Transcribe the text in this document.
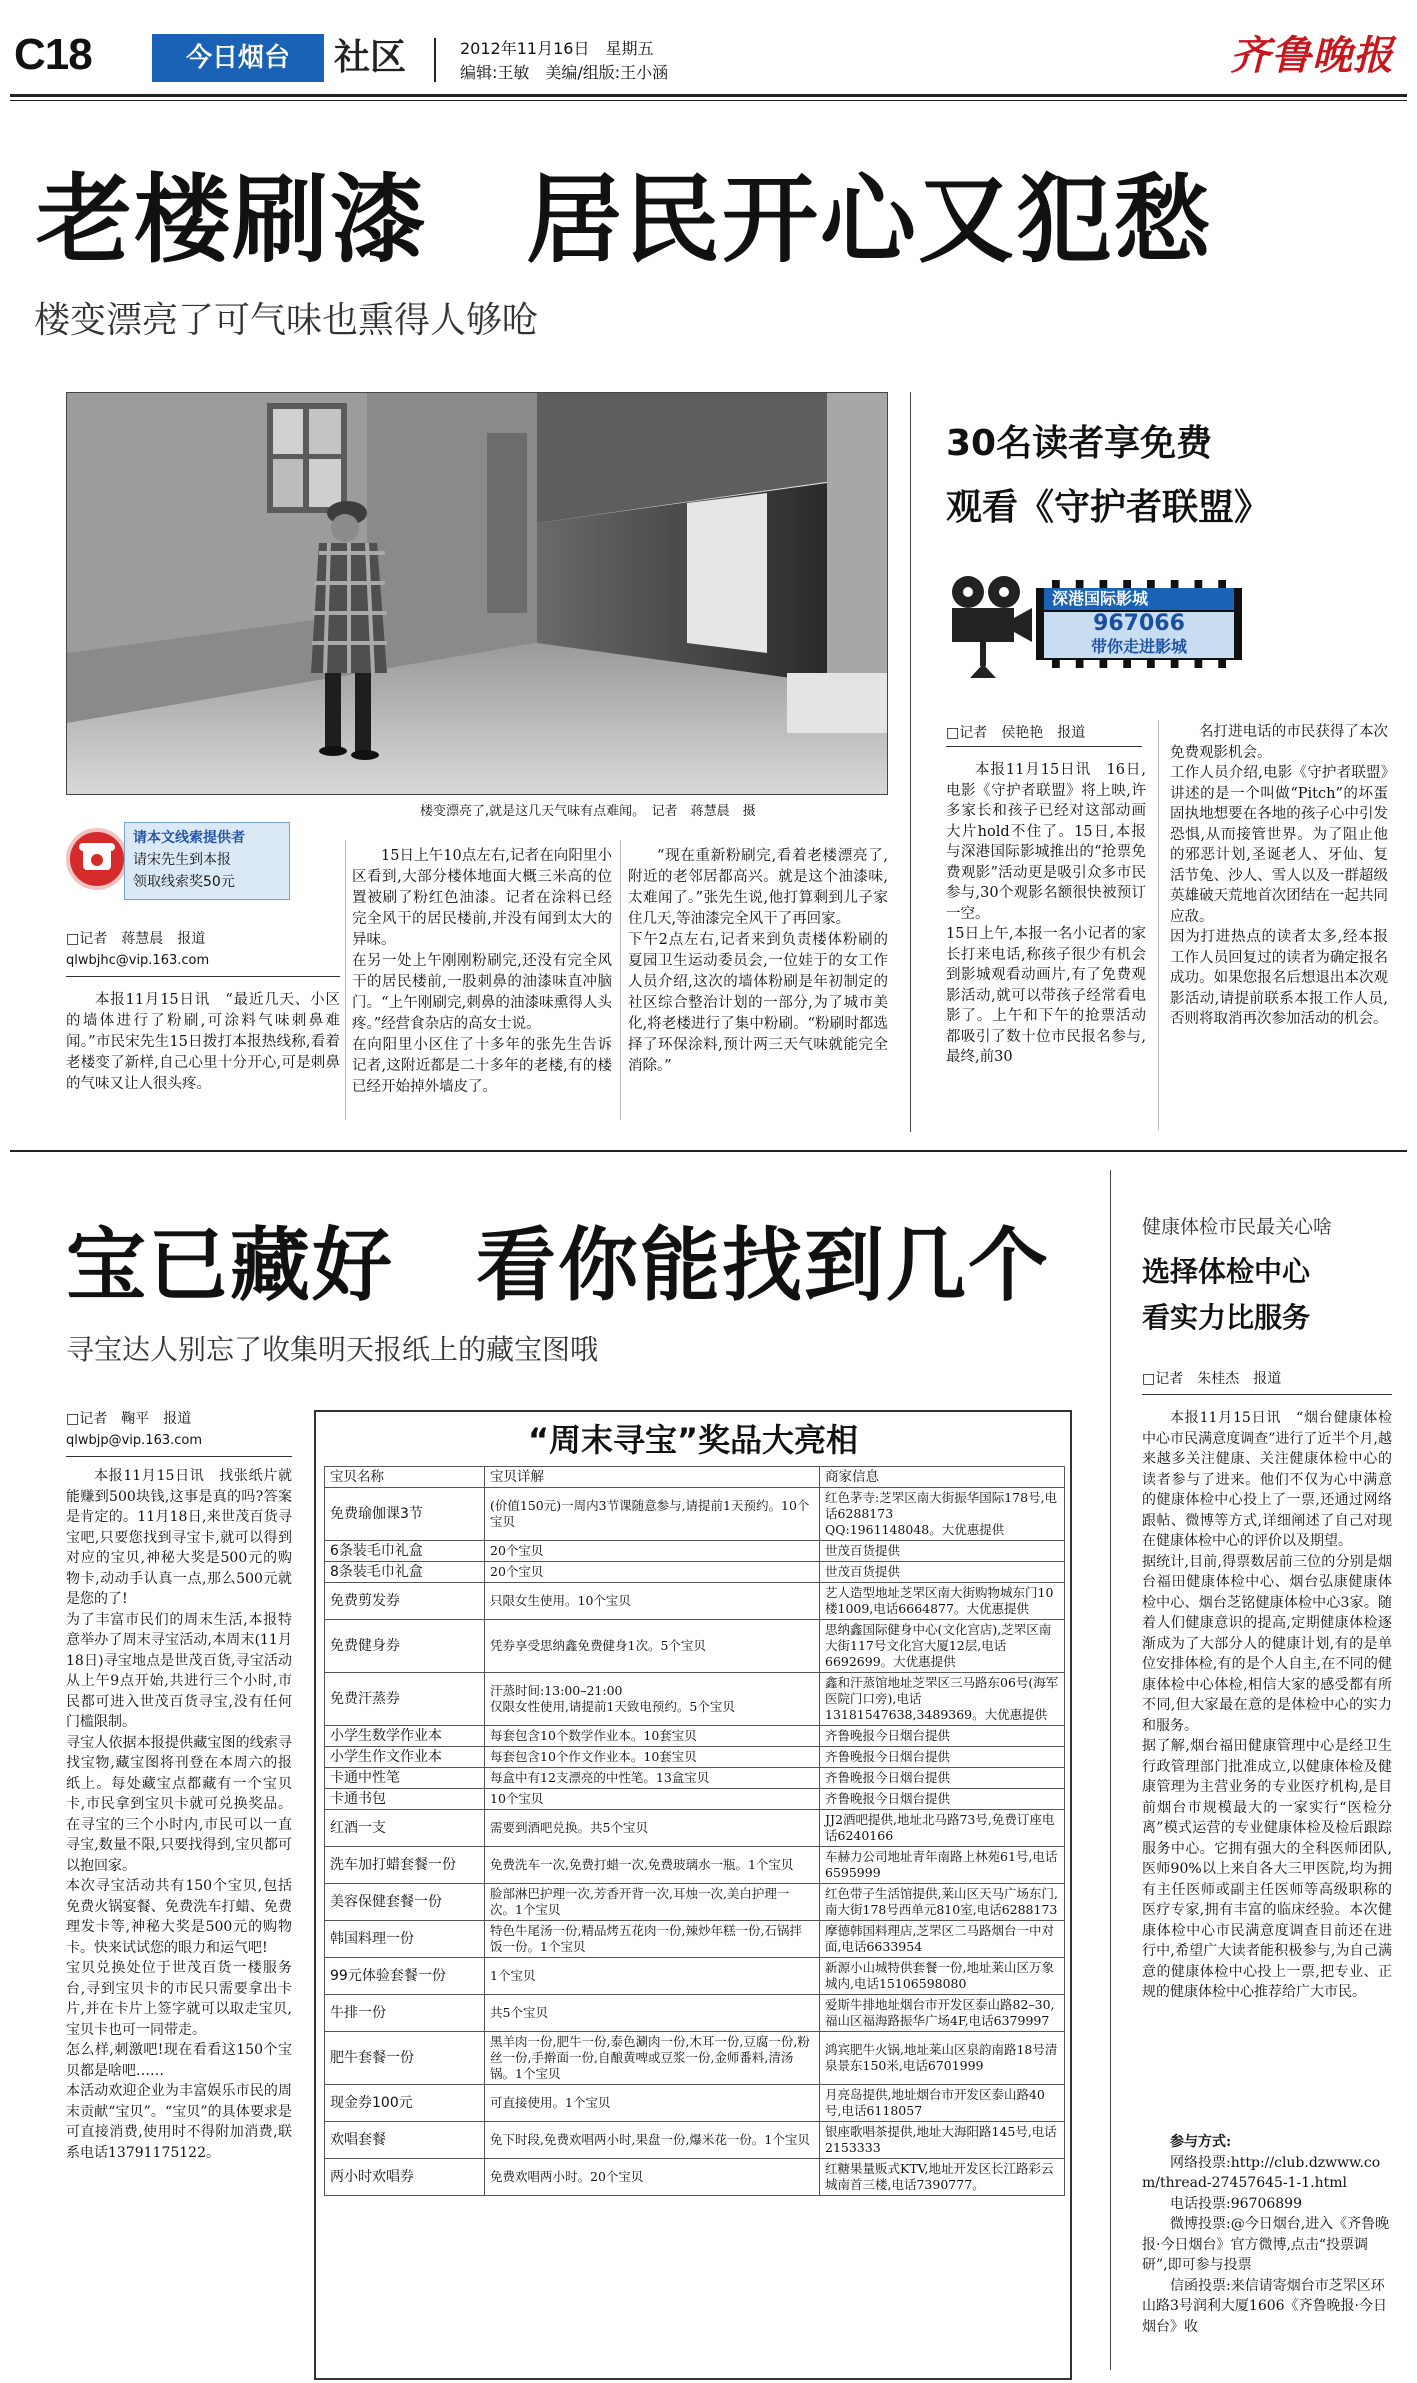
C18	今日烟台	社区	2012年11月16日　星期五
编辑:王敏　美编/组版:王小涵	齐鲁晚报
老楼刷漆　居民开心又犯愁
楼变漂亮了可气味也熏得人够呛
楼变漂亮了,就是这几天气味有点难闻。　记者　蒋慧晨　摄
请本文线索提供者
请宋先生到本报
领取线索奖50元
□记者　蒋慧晨　报道
qlwbjhc@vip.163.com
本报11月15日讯　“最近几天、小区的墙体进行了粉刷,可涂料气味刺鼻难闻。”市民宋先生15日拨打本报热线称,看着老楼变了新样,自己心里十分开心,可是刺鼻的气味又让人很头疼。
15日上午10点左右,记者在向阳里小区看到,大部分楼体地面大概三米高的位置被刷了粉红色油漆。记者在涂料已经完全风干的居民楼前,并没有闻到太大的异味。
在另一处上午刚刚粉刷完,还没有完全风干的居民楼前,一股刺鼻的油漆味直冲脑门。“上午刚刷完,刺鼻的油漆味熏得人头疼。”经营食杂店的高女士说。
在向阳里小区住了十多年的张先生告诉记者,这附近都是二十多年的老楼,有的楼已经开始掉外墙皮了。
“现在重新粉刷完,看着老楼漂亮了,附近的老邻居都高兴。就是这个油漆味,太难闻了。”张先生说,他打算剩到儿子家住几天,等油漆完全风干了再回家。
下午2点左右,记者来到负责楼体粉刷的夏园卫生运动委员会,一位娃于的女工作人员介绍,这次的墙体粉刷是年初制定的社区综合整治计划的一部分,为了城市美化,将老楼进行了集中粉刷。“粉刷时都选择了环保涂料,预计两三天气味就能完全消除。”
30名读者享免费
观看《守护者联盟》
深港国际影城
967066
带你走进影城
□记者　侯艳艳　报道
本报11月15日讯　16日,电影《守护者联盟》将上映,许多家长和孩子已经对这部动画大片hold不住了。15日,本报与深港国际影城推出的“抢票免费观影”活动更是吸引众多市民参与,30个观影名额很快被预订一空。
15日上午,本报一名小记者的家长打来电话,称孩子很少有机会到影城观看动画片,有了免费观影活动,就可以带孩子经常看电影了。上午和下午的抢票活动都吸引了数十位市民报名参与,最终,前30
名打进电话的市民获得了本次免费观影机会。
工作人员介绍,电影《守护者联盟》讲述的是一个叫做“Pitch”的坏蛋固执地想要在各地的孩子心中引发恐惧,从而接管世界。为了阻止他的邪恶计划,圣诞老人、牙仙、复活节兔、沙人、雪人以及一群超级英雄破天荒地首次团结在一起共同应敌。
因为打进热点的读者太多,经本报工作人员回复过的读者为确定报名成功。如果您报名后想退出本次观影活动,请提前联系本报工作人员,否则将取消再次参加活动的机会。
宝已藏好　看你能找到几个
寻宝达人别忘了收集明天报纸上的藏宝图哦
□记者　鞠平　报道
qlwbjp@vip.163.com
本报11月15日讯　找张纸片就能赚到500块钱,这事是真的吗?答案是肯定的。11月18日,来世茂百货寻宝吧,只要您找到寻宝卡,就可以得到对应的宝贝,神秘大奖是500元的购物卡,动动手认真一点,那么500元就是您的了!
为了丰富市民们的周末生活,本报特意举办了周末寻宝活动,本周末(11月18日)寻宝地点是世茂百货,寻宝活动从上午9点开始,共进行三个小时,市民都可进入世茂百货寻宝,没有任何门槛限制。
寻宝人依据本报提供藏宝图的线索寻找宝物,藏宝图将刊登在本周六的报纸上。每处藏宝点都藏有一个宝贝卡,市民拿到宝贝卡就可兑换奖品。在寻宝的三个小时内,市民可以一直寻宝,数量不限,只要找得到,宝贝都可以抱回家。
本次寻宝活动共有150个宝贝,包括免费火锅宴餐、免费洗车打蜡、免费理发卡等,神秘大奖是500元的购物卡。快来试试您的眼力和运气吧!
宝贝兑换处位于世茂百货一楼服务台,寻到宝贝卡的市民只需要拿出卡片,并在卡片上签字就可以取走宝贝,宝贝卡也可一同带走。
怎么样,刺激吧!现在看看这150个宝贝都是啥吧……
本活动欢迎企业为丰富娱乐市民的周末贡献“宝贝”。“宝贝”的具体要求是可直接消费,使用时不得附加消费,联系电话13791175122。
“周末寻宝”奖品大亮相
宝贝名称	宝贝详解	商家信息
免费瑜伽课3节	(价值150元)一周内3节课随意参与,请提前1天预约。10个宝贝	红色茅寺:芝罘区南大街振华国际178号,电话6288173
QQ:1961148048。大优惠提供
6条装毛巾礼盒	20个宝贝	世茂百货提供
8条装毛巾礼盒	20个宝贝	世茂百货提供
免费剪发券	只限女生使用。10个宝贝	艺人造型地址芝罘区南大街购物城东门10楼1009,电话6664877。大优惠提供
免费健身券	凭券享受思纳鑫免费健身1次。5个宝贝	思纳鑫国际健身中心(文化宫店),芝罘区南大街117号文化宫大厦12层,电话6692699。大优惠提供
免费汗蒸券	汗蒸时间:13:00–21:00
仅限女性使用,请提前1天致电预约。5个宝贝	鑫和汗蒸馆地址芝罘区三马路东06号(海军医院门口旁),电话13181547638,3489369。大优惠提供
小学生数学作业本	每套包含10个数学作业本。10套宝贝	齐鲁晚报今日烟台提供
小学生作文作业本	每套包含10个作文作业本。10套宝贝	齐鲁晚报今日烟台提供
卡通中性笔	每盒中有12支漂亮的中性笔。13盒宝贝	齐鲁晚报今日烟台提供
卡通书包	10个宝贝	齐鲁晚报今日烟台提供
红酒一支	需要到酒吧兑换。共5个宝贝	JJ2酒吧提供,地址北马路73号,免费订座电话6240166
洗车加打蜡套餐一份	免费洗车一次,免费打蜡一次,免费玻璃水一瓶。1个宝贝	车赫力公司地址青年南路上林苑61号,电话6595999
美容保健套餐一份	脸部淋巴护理一次,芳香开背一次,耳烛一次,美白护理一次。1个宝贝	红色带子生活馆提供,莱山区天马广场东门,南大街178号西单元810室,电话6288173
韩国料理一份	特色牛尾汤一份,精品烤五花肉一份,辣炒年糕一份,石锅拌饭一份。1个宝贝	摩德韩国料理店,芝罘区二马路烟台一中对面,电话6633954
99元体验套餐一份	1个宝贝	新源小山城特供套餐一份,地址莱山区万象城内,电话15106598080
牛排一份	共5个宝贝	爱斯牛排地址烟台市开发区泰山路82–30,福山区福海路振华广场4F,电话6379997
肥牛套餐一份	黑羊肉一份,肥牛一份,泰色涮肉一份,木耳一份,豆腐一份,粉丝一份,手擀面一份,自酿黄啤或豆浆一份,金师番料,清汤锅。1个宝贝	鸿宾肥牛火锅,地址莱山区泉韵南路18号清泉景东150米,电话6701999
现金券100元	可直接使用。1个宝贝	月亮岛提供,地址烟台市开发区泰山路40号,电话6118057
欢唱套餐	免下时段,免费欢唱两小时,果盘一份,爆米花一份。1个宝贝	银座歌唱茶提供,地址大海阳路145号,电话2153333
两小时欢唱券	免费欢唱两小时。20个宝贝	红糖果量贩式KTV,地址开发区长江路彩云城南首三楼,电话7390777。
健康体检市民最关心啥
选择体检中心
看实力比服务
□记者　朱桂杰　报道
本报11月15日讯　“烟台健康体检中心市民满意度调查”进行了近半个月,越来越多关注健康、关注健康体检中心的读者参与了进来。他们不仅为心中满意的健康体检中心投上了一票,还通过网络跟帖、微博等方式,详细阐述了自己对现在健康体检中心的评价以及期望。
据统计,目前,得票数居前三位的分别是烟台福田健康体检中心、烟台弘康健康体检中心、烟台芝铭健康体检中心3家。随着人们健康意识的提高,定期健康体检逐渐成为了大部分人的健康计划,有的是单位安排体检,有的是个人自主,在不同的健康体检中心体检,相信大家的感受都有所不同,但大家最在意的是体检中心的实力和服务。
据了解,烟台福田健康管理中心是经卫生行政管理部门批准成立,以健康体检及健康管理为主营业务的专业医疗机构,是目前烟台市规模最大的一家实行“医检分离”模式运营的专业健康体检及检后跟踪服务中心。它拥有强大的全科医师团队,医师90%以上来自各大三甲医院,均为拥有主任医师或副主任医师等高级职称的医疗专家,拥有丰富的临床经验。本次健康体检中心市民满意度调查目前还在进行中,希望广大读者能积极参与,为自己满意的健康体检中心投上一票,把专业、正规的健康体检中心推荐给广大市民。
参与方式:
网络投票:http://club.dzwww.com/thread-27457645-1-1.html
电话投票:96706899
微博投票:@今日烟台,进入《齐鲁晚报·今日烟台》官方微博,点击“投票调研”,即可参与投票
信函投票:来信请寄烟台市芝罘区环山路3号润利大厦1606《齐鲁晚报·今日烟台》收
